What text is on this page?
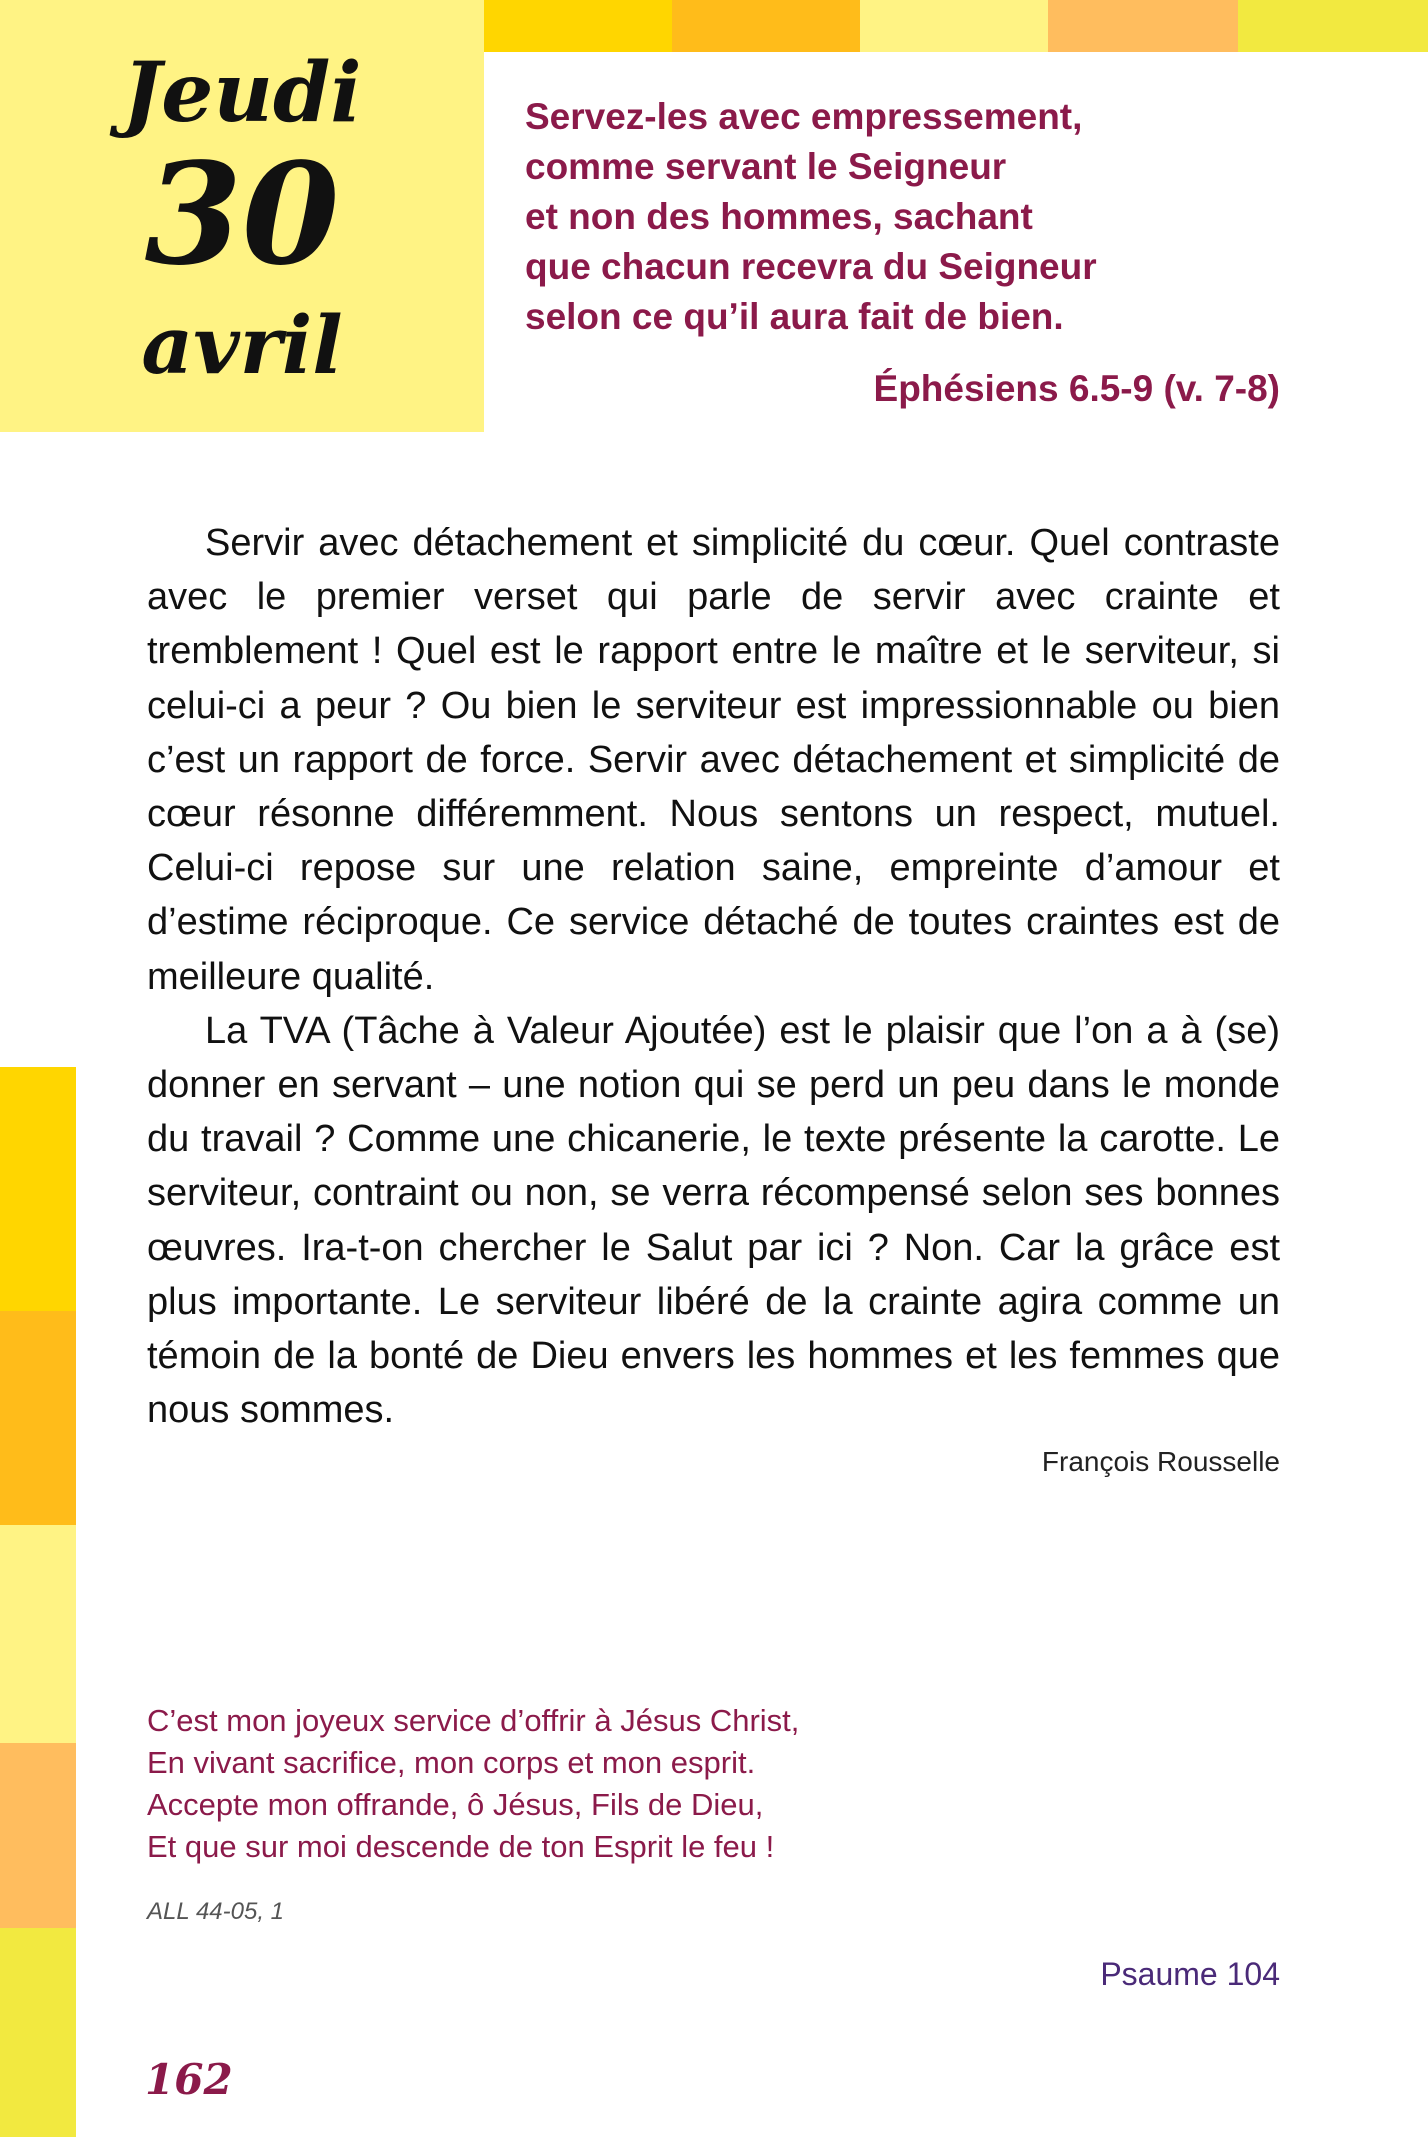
Jeudi
30
avril
Servez-les avec empressement,
comme servant le Seigneur
et non des hommes, sachant
que chacun recevra du Seigneur
selon ce qu’il aura fait de bien.
Éphésiens 6.5-9 (v. 7-8)

Servir avec détachement et simplicité du cœur. Quel contraste avec le premier verset qui parle de servir avec crainte et tremblement ! Quel est le rapport entre le maître et le serviteur, si celui-ci a peur ? Ou bien le serviteur est impressionnable ou bien c’est un rapport de force. Servir avec détachement et simplicité de cœur résonne différemment. Nous sentons un respect, mutuel. Celui-ci repose sur une relation saine, empreinte d’amour et d’estime réciproque. Ce service détaché de toutes craintes est de meilleure qualité.

La TVA (Tâche à Valeur Ajoutée) est le plaisir que l’on a à (se) donner en servant – une notion qui se perd un peu dans le monde du travail ? Comme une chicanerie, le texte présente la carotte. Le serviteur, contraint ou non, se verra récompensé selon ses bonnes œuvres. Ira-t-on chercher le Salut par ici ? Non. Car la grâce est plus importante. Le serviteur libéré de la crainte agira comme un témoin de la bonté de Dieu envers les hommes et les femmes que nous sommes.

François Rousselle
C’est mon joyeux service d’offrir à Jésus Christ,
En vivant sacrifice, mon corps et mon esprit.
Accepte mon offrande, ô Jésus, Fils de Dieu,
Et que sur moi descende de ton Esprit le feu !
ALL 44-05, 1
Psaume 104
162
